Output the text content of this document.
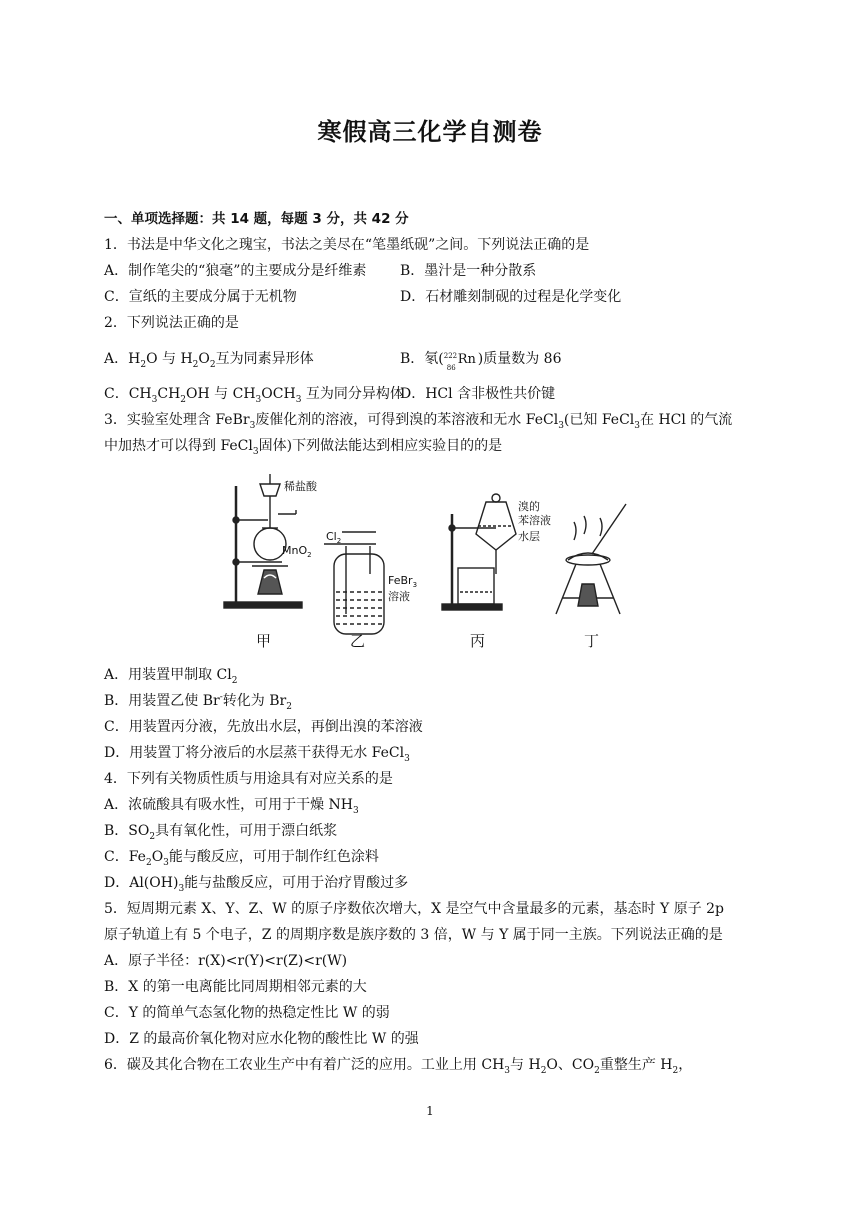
寒假高三化学自测卷
一、单项选择题：共 14 题，每题 3 分，共 42 分
1．书法是中华文化之瑰宝，书法之美尽在“笔墨纸砚”之间。下列说法正确的是
A．制作笔尖的“狼毫”的主要成分是纤维素 B．墨汁是一种分散系
C．宣纸的主要成分属于无机物	D．石材雕刻制砚的过程是化学变化
2．下列说法正确的是
A．$H_2O$ 与 $H_2O_2$互为同素异形体	B．氡( 222
86
Rn )质量数为 86
C．$CH_3CH_2OH$ 与 $CH_3OCH_3$ 互为同分异构体
D．HCl 含非极性共价键
3．实验室处理含 FeBr$_3$废催化剂的溶液，可得到溴的苯溶液和无水 FeCl$_3$(已知 FeCl$_3$在 HCl 的气流
中加热才可以得到 FeCl$_3$固体)下列做法能达到相应实验目的的是
稀盐酸
MnO$_2$
$Cl_2$
FeBr$_3$
溶液
溴的
苯溶液
水层
甲	乙	丙	丁
A．用装置甲制取 $Cl_2$
B．用装置乙使 Br-转化为 $Br_2$
C．用装置丙分液，先放出水层，再倒出溴的苯溶液
D．用装置丁将分液后的水层蒸干获得无水 FeCl$_3$
4．下列有关物质性质与用途具有对应关系的是
A．浓硫酸具有吸水性，可用于干燥 $NH_3$
B．$SO_2$具有氧化性，可用于漂白纸浆
C．$Fe_2O_3$能与酸反应，可用于制作红色涂料
D．$Al(OH)_3$能与盐酸反应，可用于治疗胃酸过多
5．短周期元素 X、Y、Z、W 的原子序数依次增大，X 是空气中含量最多的元素，基态时 Y 原子 2p
原子轨道上有 5 个电子，Z 的周期序数是族序数的 3 倍，W 与 Y 属于同一主族。下列说法正确的是
A．原子半径：r(X)<r(Y)<r(Z)<r(W)
B．X 的第一电离能比同周期相邻元素的大
C．Y 的简单气态氢化物的热稳定性比 W 的弱
D．Z 的最高价氧化物对应水化物的酸性比 W 的强
6．碳及其化合物在工农业生产中有着广泛的应用。工业上用 $CH_3$与 $H_2O$、$CO_2$重整生产 $H_2$，
1
